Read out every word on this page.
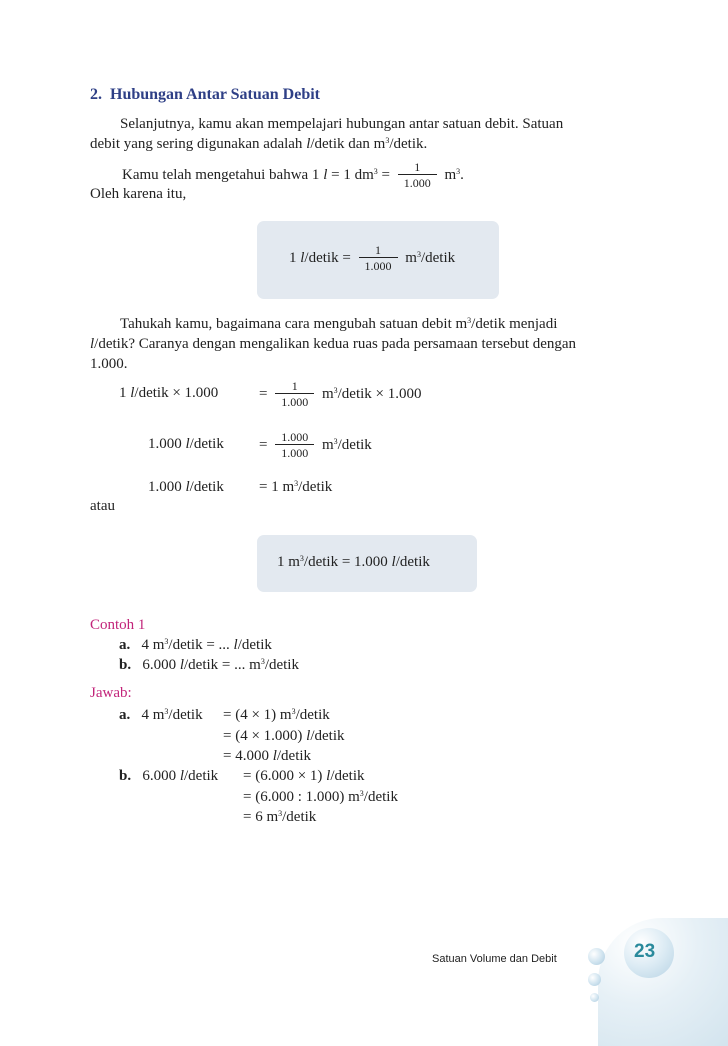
2. Hubungan Antar Satuan Debit
Selanjutnya, kamu akan mempelajari hubungan antar satuan debit. Satuan
debit yang sering digunakan adalah l/detik dan $m^3$/detik.
Kamu telah mengetahui bahwa 1 l = 1 $dm^3 = \frac{1}{1.000} m^3$.
Oleh karena itu,
1 l/detik = $\frac{1}{1.000}$ $m^3$/detik
Tahukah kamu, bagaimana cara mengubah satuan debit $m^3$/detik menjadi
l/detik? Caranya dengan mengalikan kedua ruas pada persamaan tersebut dengan
1.000.
1 l/detik × 1.000	= $\frac{1}{1.000}$ $m^3$/detik × 1.000
1.000 l/detik = $\frac{1.000}{1.000}$ $m^3$/detik
1.000 l/detik = 1 $m^3$/detik
atau
1 $m^3$/detik = 1.000 l/detik
Contoh 1
a. 4 $m^3$/detik = ... l/detik
b. 6.000 l/detik = ... $m^3$/detik
Jawab:
a. 4 $m^3$/detik = (4 × 1) $m^3$/detik
= (4 × 1.000) l/detik
= 4.000 l/detik
b. 6.000 l/detik = (6.000 × 1) l/detik
= (6.000 : 1.000) $m^3$/detik
= 6 $m^3$/detik
Satuan Volume dan Debit	23
